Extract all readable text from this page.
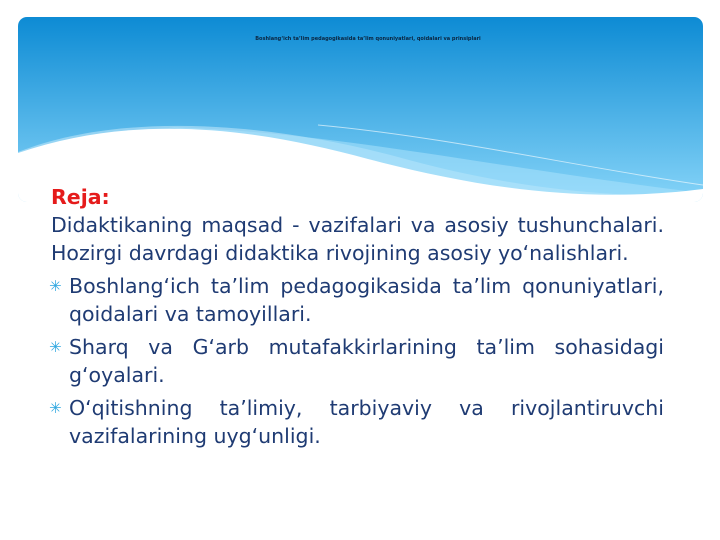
Boshlang‘ich ta’lim pedagogikasida ta’lim qonuniyatlari, qoidalari va prinsiplari
Reja:

Didaktikaning maqsad - vazifalari va asosiy tushunchalari. Hozirgi davrdagi didaktika rivojining asosiy yo‘nalishlari.

✳ Boshlang‘ich ta’lim pedagogikasida ta’lim qonuniyatlari, qoidalari va tamoyillari.
✳ Sharq va G‘arb mutafakkirlarining ta’lim sohasidagi g‘oyalari.
✳ O‘qitishning ta’limiy, tarbiyaviy va rivojlantiruvchi vazifalarining uyg‘unligi.
